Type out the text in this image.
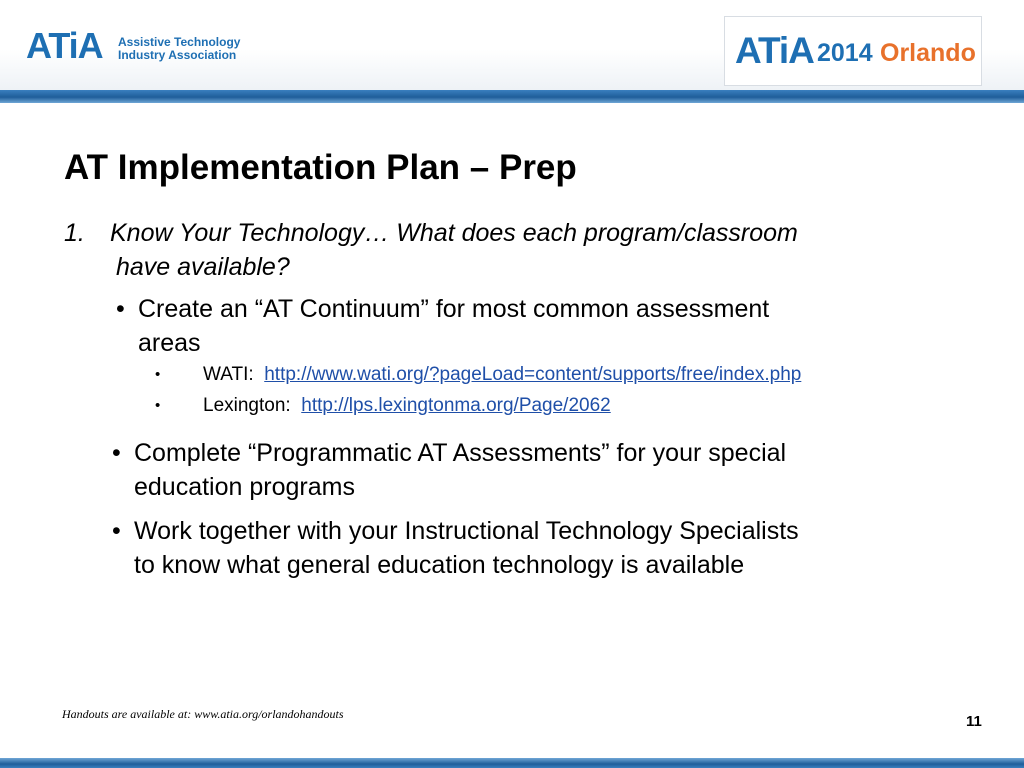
ATiA Assistive Technology
Industry Association	ATiA 2014 Orlando
AT Implementation Plan – Prep
1. Know Your Technology… What does each program/classroom
have available?
• Create an “AT Continuum” for most common assessment
areas
• WATI: http://www.wati.org/?pageLoad=content/supports/free/index.php
• Lexington: http://lps.lexingtonma.org/Page/2062
• Complete “Programmatic AT Assessments” for your special
education programs
• Work together with your Instructional Technology Specialists
to know what general education technology is available
Handouts are available at: www.atia.org/orlandohandouts	11
